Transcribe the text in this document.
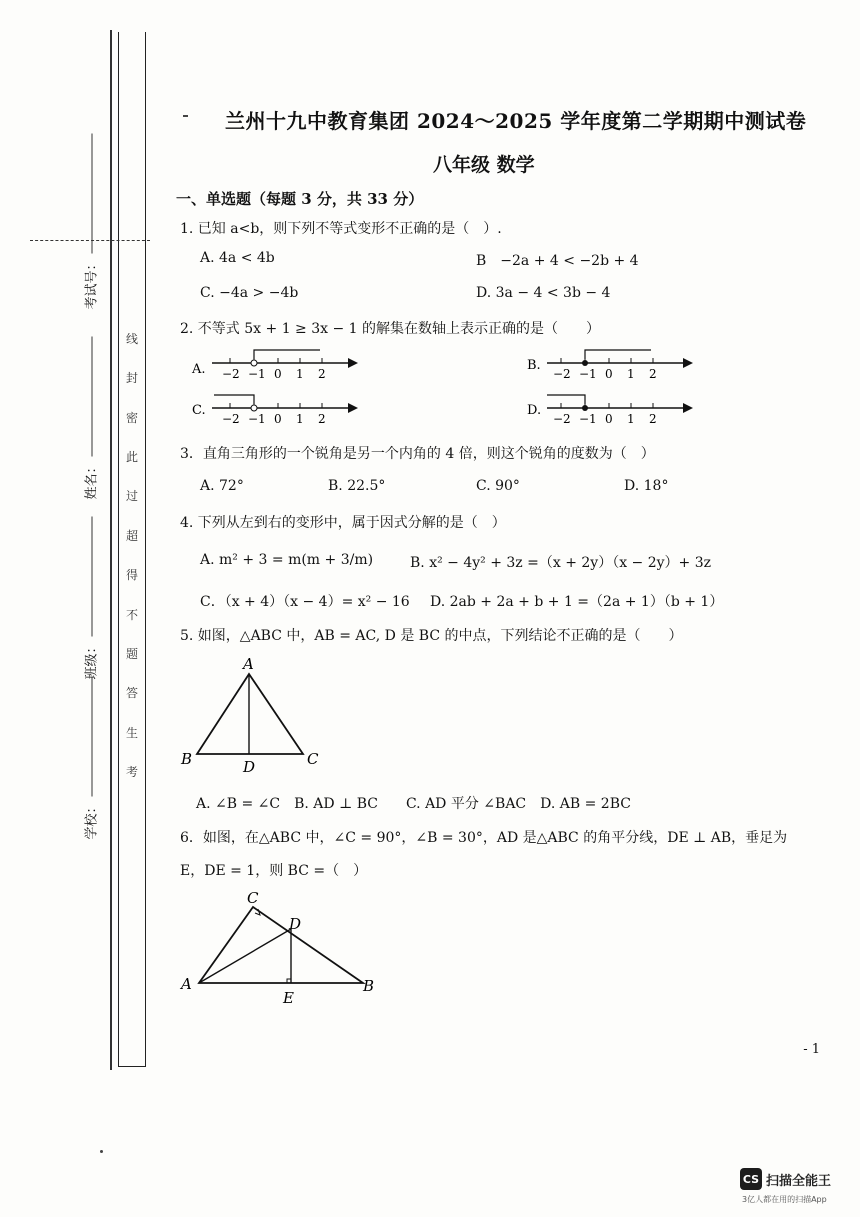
线
封
密
此
过
超
得
不
题
答
生
考
考试号：
姓名：
班级：
学校：
兰州十九中教育集团 2024～2025 学年度第二学期期中测试卷
八年级 数学
一、单选题（每题 3 分，共 33 分）
1. 已知 a<b，则下列不等式变形不正确的是（　）.
A. 4a < 4b	B　−2a + 4 < −2b + 4
C. −4a > −4b	D. 3a − 4 < 3b − 4
2. 不等式 5x + 1 ≥ 3x − 1 的解集在数轴上表示正确的是（　　）
A. −2 −1 0 1 2
B.
−2 −1 0 1 2
C.
−2 −1 0 1 2
D.
−2 −1 0 1 2
3．直角三角形的一个锐角是另一个内角的 4 倍，则这个锐角的度数为（　）
A. 72°	B. 22.5°	C. 90°	D. 18°
4. 下列从左到右的变形中，属于因式分解的是（　）
A. m² + 3 = m(m + 3/m)	B. x² − 4y² + 3z =（x + 2y）（x − 2y）+ 3z
C．（x + 4）（x − 4）= x² − 16 D. 2ab + 2a + b + 1 =（2a + 1）（b + 1）
5. 如图，△ABC 中，AB = AC, D 是 BC 的中点，下列结论不正确的是（　　）
A
B	C
D
A. ∠B = ∠C　B. AD ⊥ BC　　C. AD 平分 ∠BAC　D. AB = 2BC
6．如图，在△ABC 中，∠C = 90°，∠B = 30°，AD 是△ABC 的角平分线，DE ⊥ AB，垂足为
E，DE = 1，则 BC =（　）
C
D
A
E
B
- 1
CS 扫描全能王
3亿人都在用的扫描App
